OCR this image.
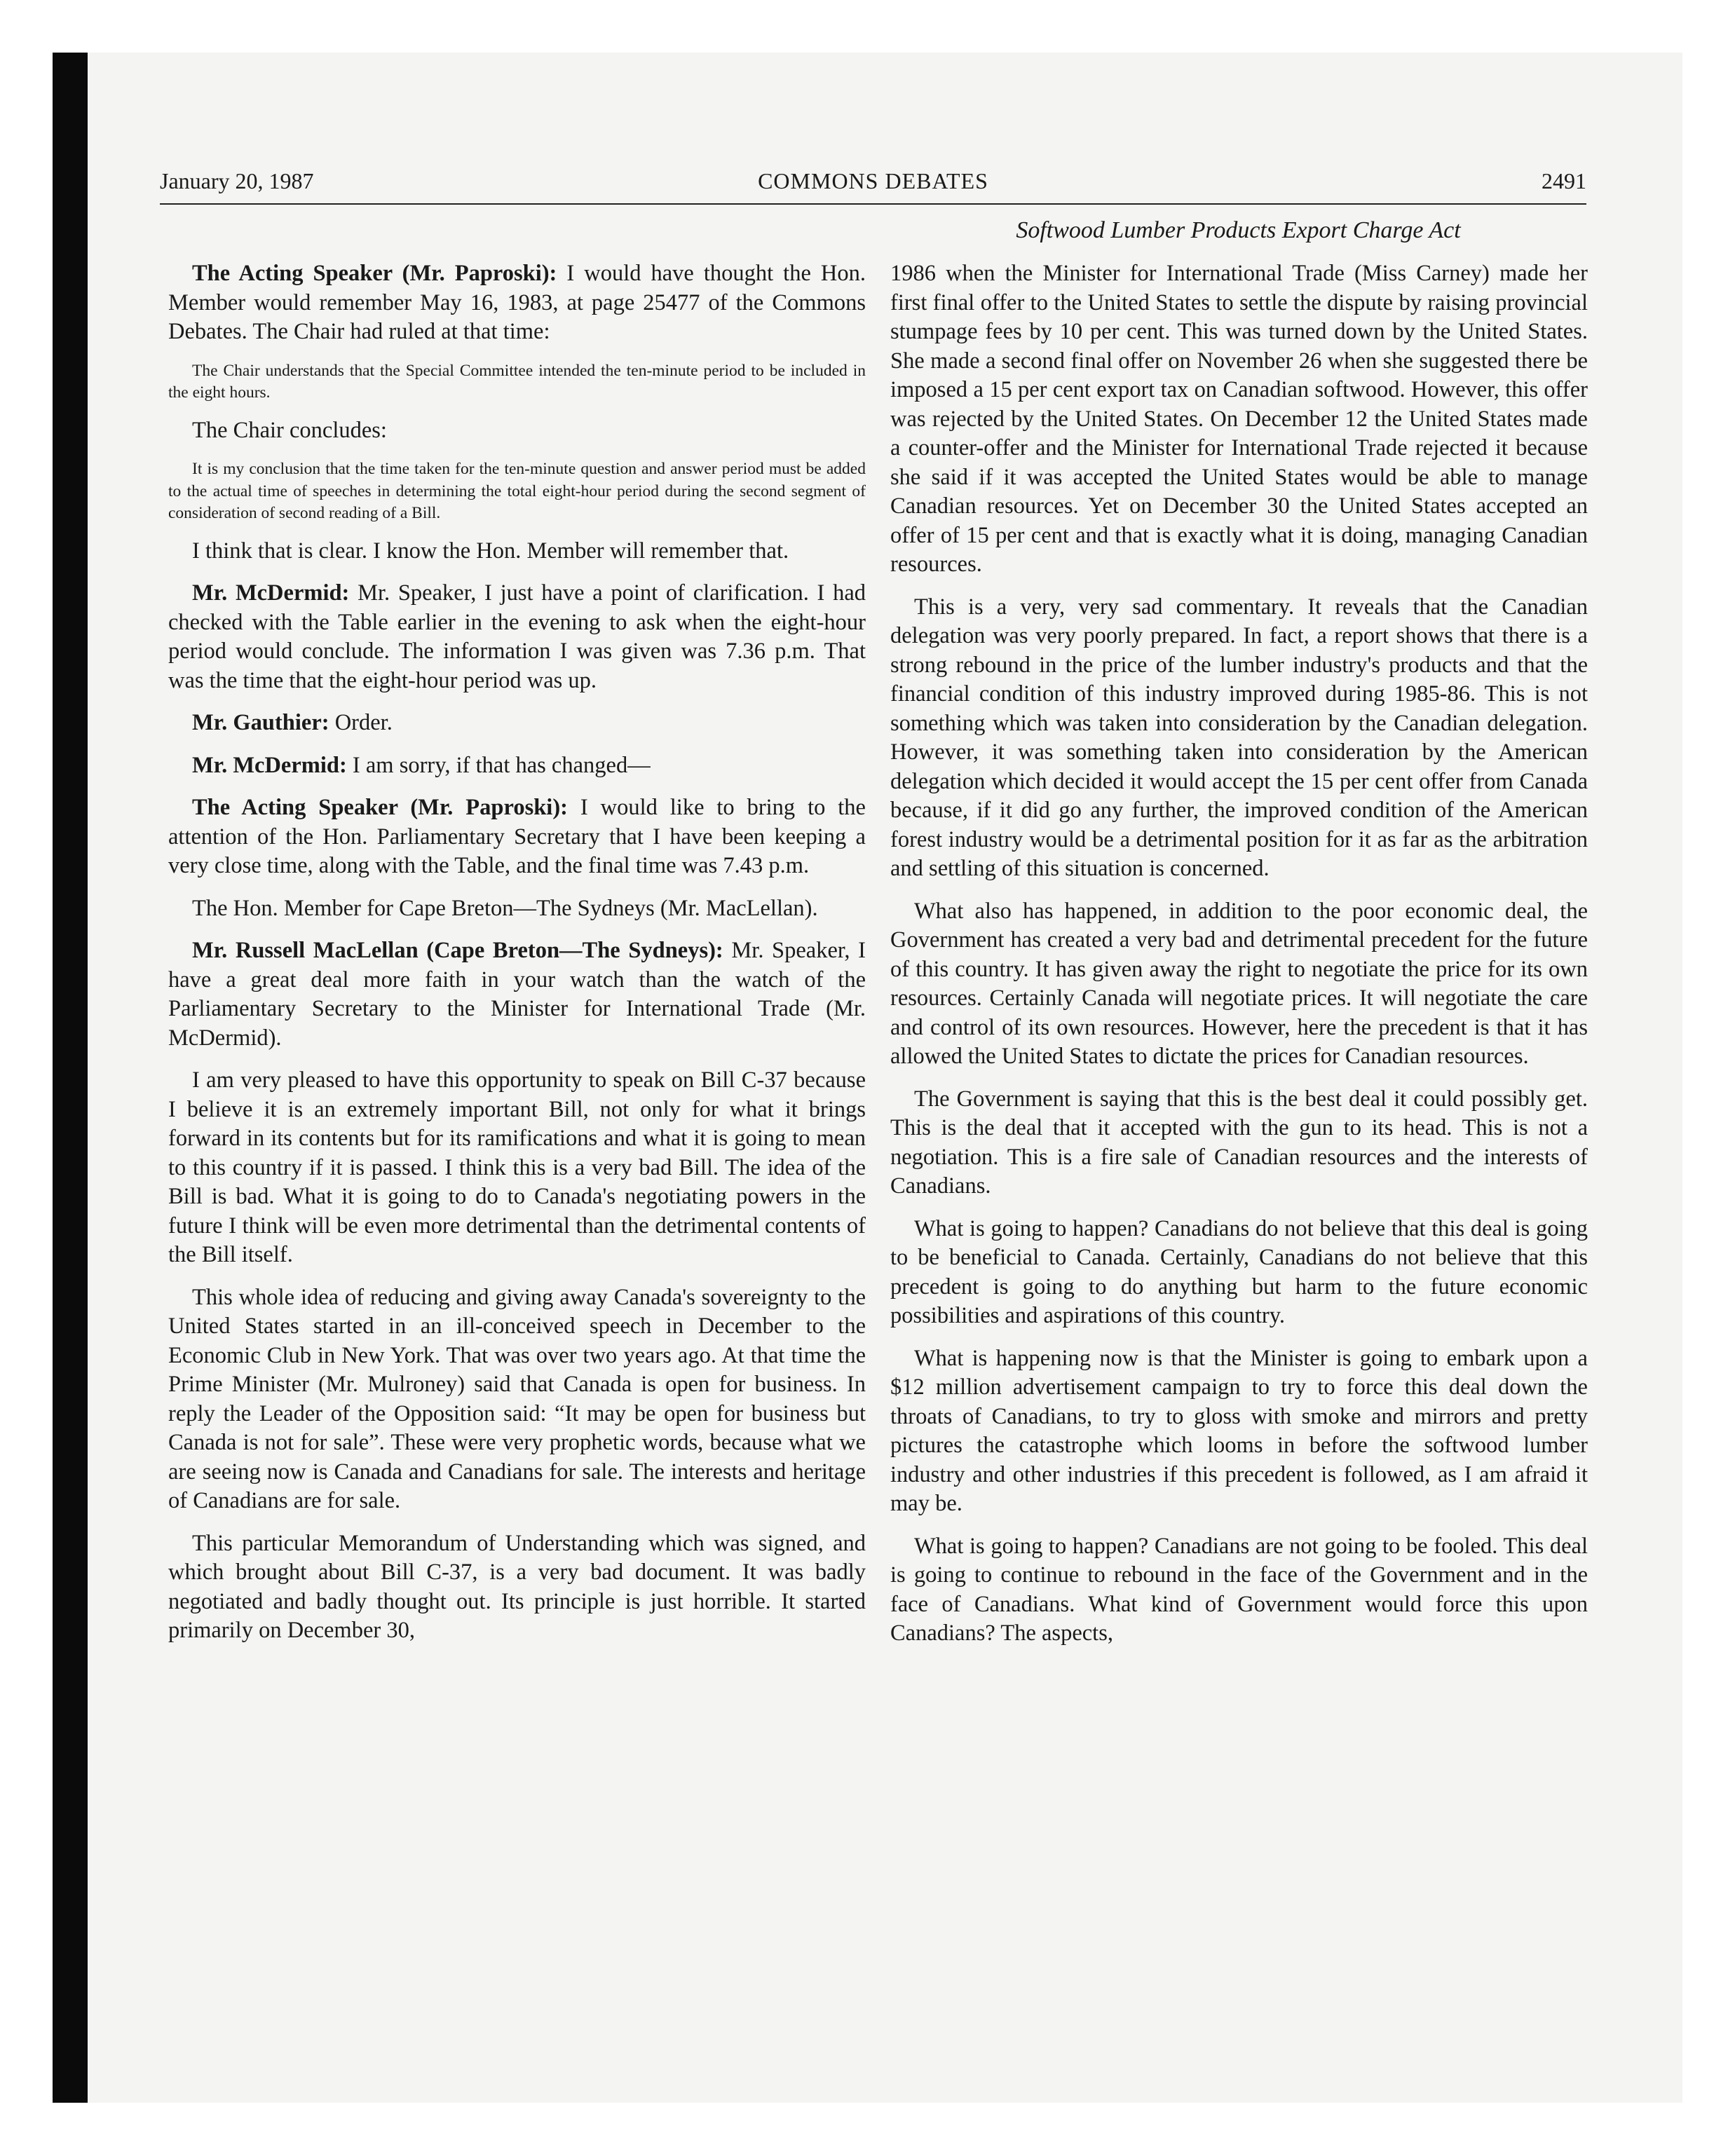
January 20, 1987	COMMONS DEBATES	2491
Softwood Lumber Products Export Charge Act

The Acting Speaker (Mr. Paproski): I would have thought the Hon. Member would remember May 16, 1983, at page 25477 of the Commons Debates. The Chair had ruled at that time:

The Chair understands that the Special Committee intended the ten-minute period to be included in the eight hours.

The Chair concludes:

It is my conclusion that the time taken for the ten-minute question and answer period must be added to the actual time of speeches in determining the total eight-hour period during the second segment of consideration of second reading of a Bill.

I think that is clear. I know the Hon. Member will remember that.

Mr. McDermid: Mr. Speaker, I just have a point of clarification. I had checked with the Table earlier in the evening to ask when the eight-hour period would conclude. The information I was given was 7.36 p.m. That was the time that the eight-hour period was up.

Mr. Gauthier: Order.

Mr. McDermid: I am sorry, if that has changed—

The Acting Speaker (Mr. Paproski): I would like to bring to the attention of the Hon. Parliamentary Secretary that I have been keeping a very close time, along with the Table, and the final time was 7.43 p.m.

The Hon. Member for Cape Breton—The Sydneys (Mr. MacLellan).

Mr. Russell MacLellan (Cape Breton—The Sydneys): Mr. Speaker, I have a great deal more faith in your watch than the watch of the Parliamentary Secretary to the Minister for International Trade (Mr. McDermid).

I am very pleased to have this opportunity to speak on Bill C-37 because I believe it is an extremely important Bill, not only for what it brings forward in its contents but for its ramifications and what it is going to mean to this country if it is passed. I think this is a very bad Bill. The idea of the Bill is bad. What it is going to do to Canada's negotiating powers in the future I think will be even more detrimental than the detrimental contents of the Bill itself.

This whole idea of reducing and giving away Canada's sovereignty to the United States started in an ill-conceived speech in December to the Economic Club in New York. That was over two years ago. At that time the Prime Minister (Mr. Mulroney) said that Canada is open for business. In reply the Leader of the Opposition said: “It may be open for business but Canada is not for sale”. These were very prophetic words, because what we are seeing now is Canada and Canadians for sale. The interests and heritage of Canadians are for sale.

This particular Memorandum of Understanding which was signed, and which brought about Bill C-37, is a very bad document. It was badly negotiated and badly thought out. Its principle is just horrible. It started primarily on December 30,

1986 when the Minister for International Trade (Miss Carney) made her first final offer to the United States to settle the dispute by raising provincial stumpage fees by 10 per cent. This was turned down by the United States. She made a second final offer on November 26 when she suggested there be imposed a 15 per cent export tax on Canadian softwood. However, this offer was rejected by the United States. On December 12 the United States made a counter-offer and the Minister for International Trade rejected it because she said if it was accepted the United States would be able to manage Canadian resources. Yet on December 30 the United States accepted an offer of 15 per cent and that is exactly what it is doing, managing Canadian resources.

This is a very, very sad commentary. It reveals that the Canadian delegation was very poorly prepared. In fact, a report shows that there is a strong rebound in the price of the lumber industry's products and that the financial condition of this industry improved during 1985-86. This is not something which was taken into consideration by the Canadian delegation. However, it was something taken into consideration by the American delegation which decided it would accept the 15 per cent offer from Canada because, if it did go any further, the improved condition of the American forest industry would be a detrimental position for it as far as the arbitration and settling of this situation is concerned.

What also has happened, in addition to the poor economic deal, the Government has created a very bad and detrimental precedent for the future of this country. It has given away the right to negotiate the price for its own resources. Certainly Canada will negotiate prices. It will negotiate the care and control of its own resources. However, here the precedent is that it has allowed the United States to dictate the prices for Canadian resources.

The Government is saying that this is the best deal it could possibly get. This is the deal that it accepted with the gun to its head. This is not a negotiation. This is a fire sale of Canadian resources and the interests of Canadians.

What is going to happen? Canadians do not believe that this deal is going to be beneficial to Canada. Certainly, Canadians do not believe that this precedent is going to do anything but harm to the future economic possibilities and aspirations of this country.

What is happening now is that the Minister is going to embark upon a $12 million advertisement campaign to try to force this deal down the throats of Canadians, to try to gloss with smoke and mirrors and pretty pictures the catastrophe which looms in before the softwood lumber industry and other industries if this precedent is followed, as I am afraid it may be.

What is going to happen? Canadians are not going to be fooled. This deal is going to continue to rebound in the face of the Government and in the face of Canadians. What kind of Government would force this upon Canadians? The aspects,
